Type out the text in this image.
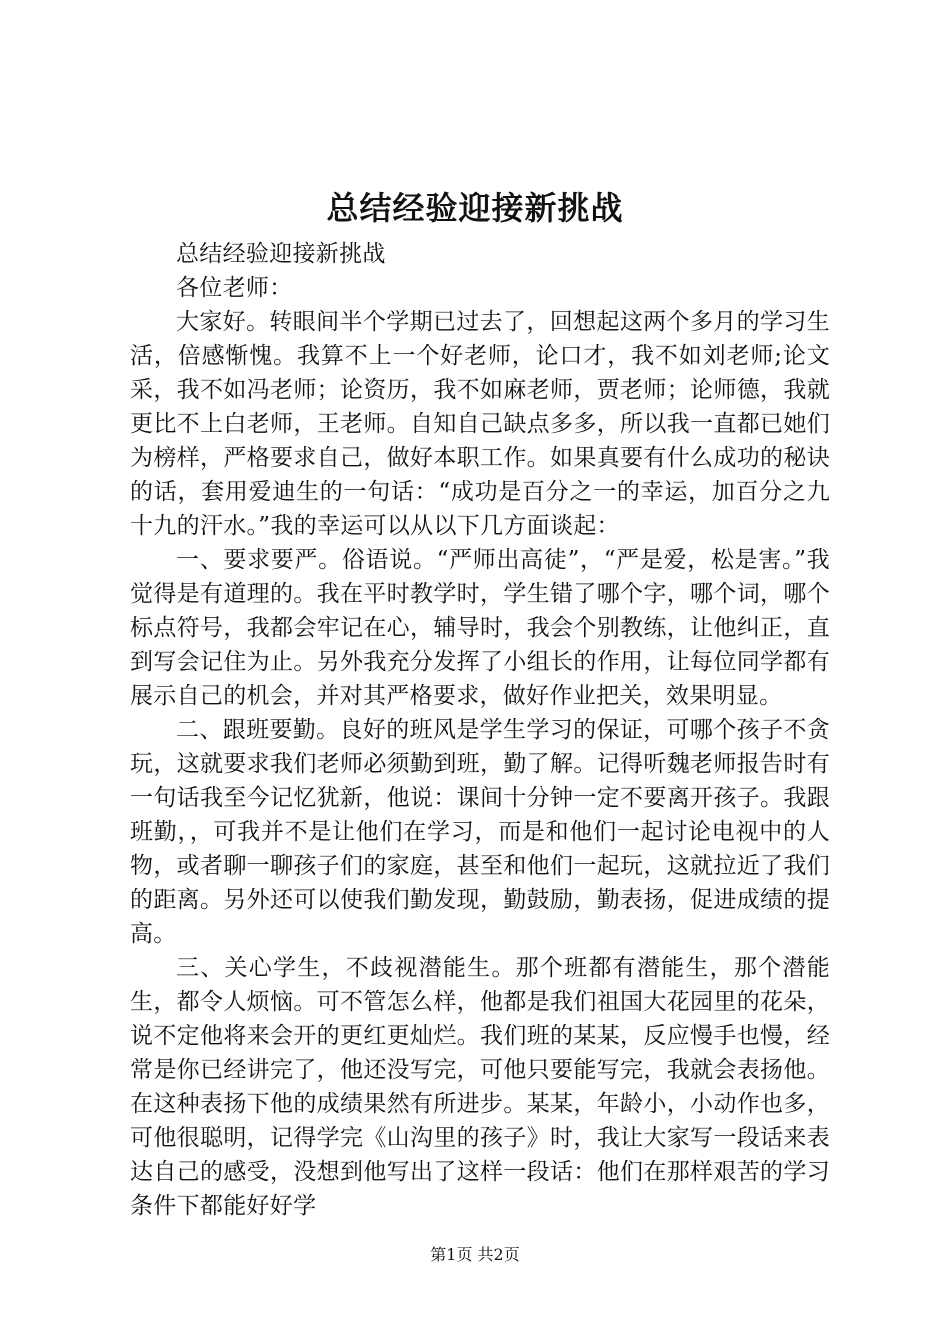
总结经验迎接新挑战

总结经验迎接新挑战

各位老师：

大家好。转眼间半个学期已过去了，回想起这两个多月的学习生活，倍感惭愧。我算不上一个好老师，论口才，我不如刘老师;论文采，我不如冯老师；论资历，我不如麻老师，贾老师；论师德，我就更比不上白老师，王老师。自知自己缺点多多，所以我一直都已她们为榜样，严格要求自己，做好本职工作。如果真要有什么成功的秘诀的话，套用爱迪生的一句话：“成功是百分之一的幸运，加百分之九十九的汗水。”我的幸运可以从以下几方面谈起：

一、要求要严。俗语说。“严师出高徒”，“严是爱，松是害。”我觉得是有道理的。我在平时教学时，学生错了哪个字，哪个词，哪个标点符号，我都会牢记在心，辅导时，我会个别教练，让他纠正，直到写会记住为止。另外我充分发挥了小组长的作用，让每位同学都有展示自己的机会，并对其严格要求，做好作业把关，效果明显。

二、跟班要勤。良好的班风是学生学习的保证，可哪个孩子不贪玩，这就要求我们老师必须勤到班，勤了解。记得听魏老师报告时有一句话我至今记忆犹新，他说：课间十分钟一定不要离开孩子。我跟班勤，，可我并不是让他们在学习，而是和他们一起讨论电视中的人物，或者聊一聊孩子们的家庭，甚至和他们一起玩，这就拉近了我们的距离。另外还可以使我们勤发现，勤鼓励，勤表扬，促进成绩的提高。

三、关心学生，不歧视潜能生。那个班都有潜能生，那个潜能生，都令人烦恼。可不管怎么样，他都是我们祖国大花园里的花朵，说不定他将来会开的更红更灿烂。我们班的某某，反应慢手也慢，经常是你已经讲完了，他还没写完，可他只要能写完，我就会表扬他。在这种表扬下他的成绩果然有所进步。某某，年龄小，小动作也多，可他很聪明，记得学完《山沟里的孩子》时，我让大家写一段话来表达自己的感受，没想到他写出了这样一段话：他们在那样艰苦的学习条件下都能好好学

第1页 共2页
